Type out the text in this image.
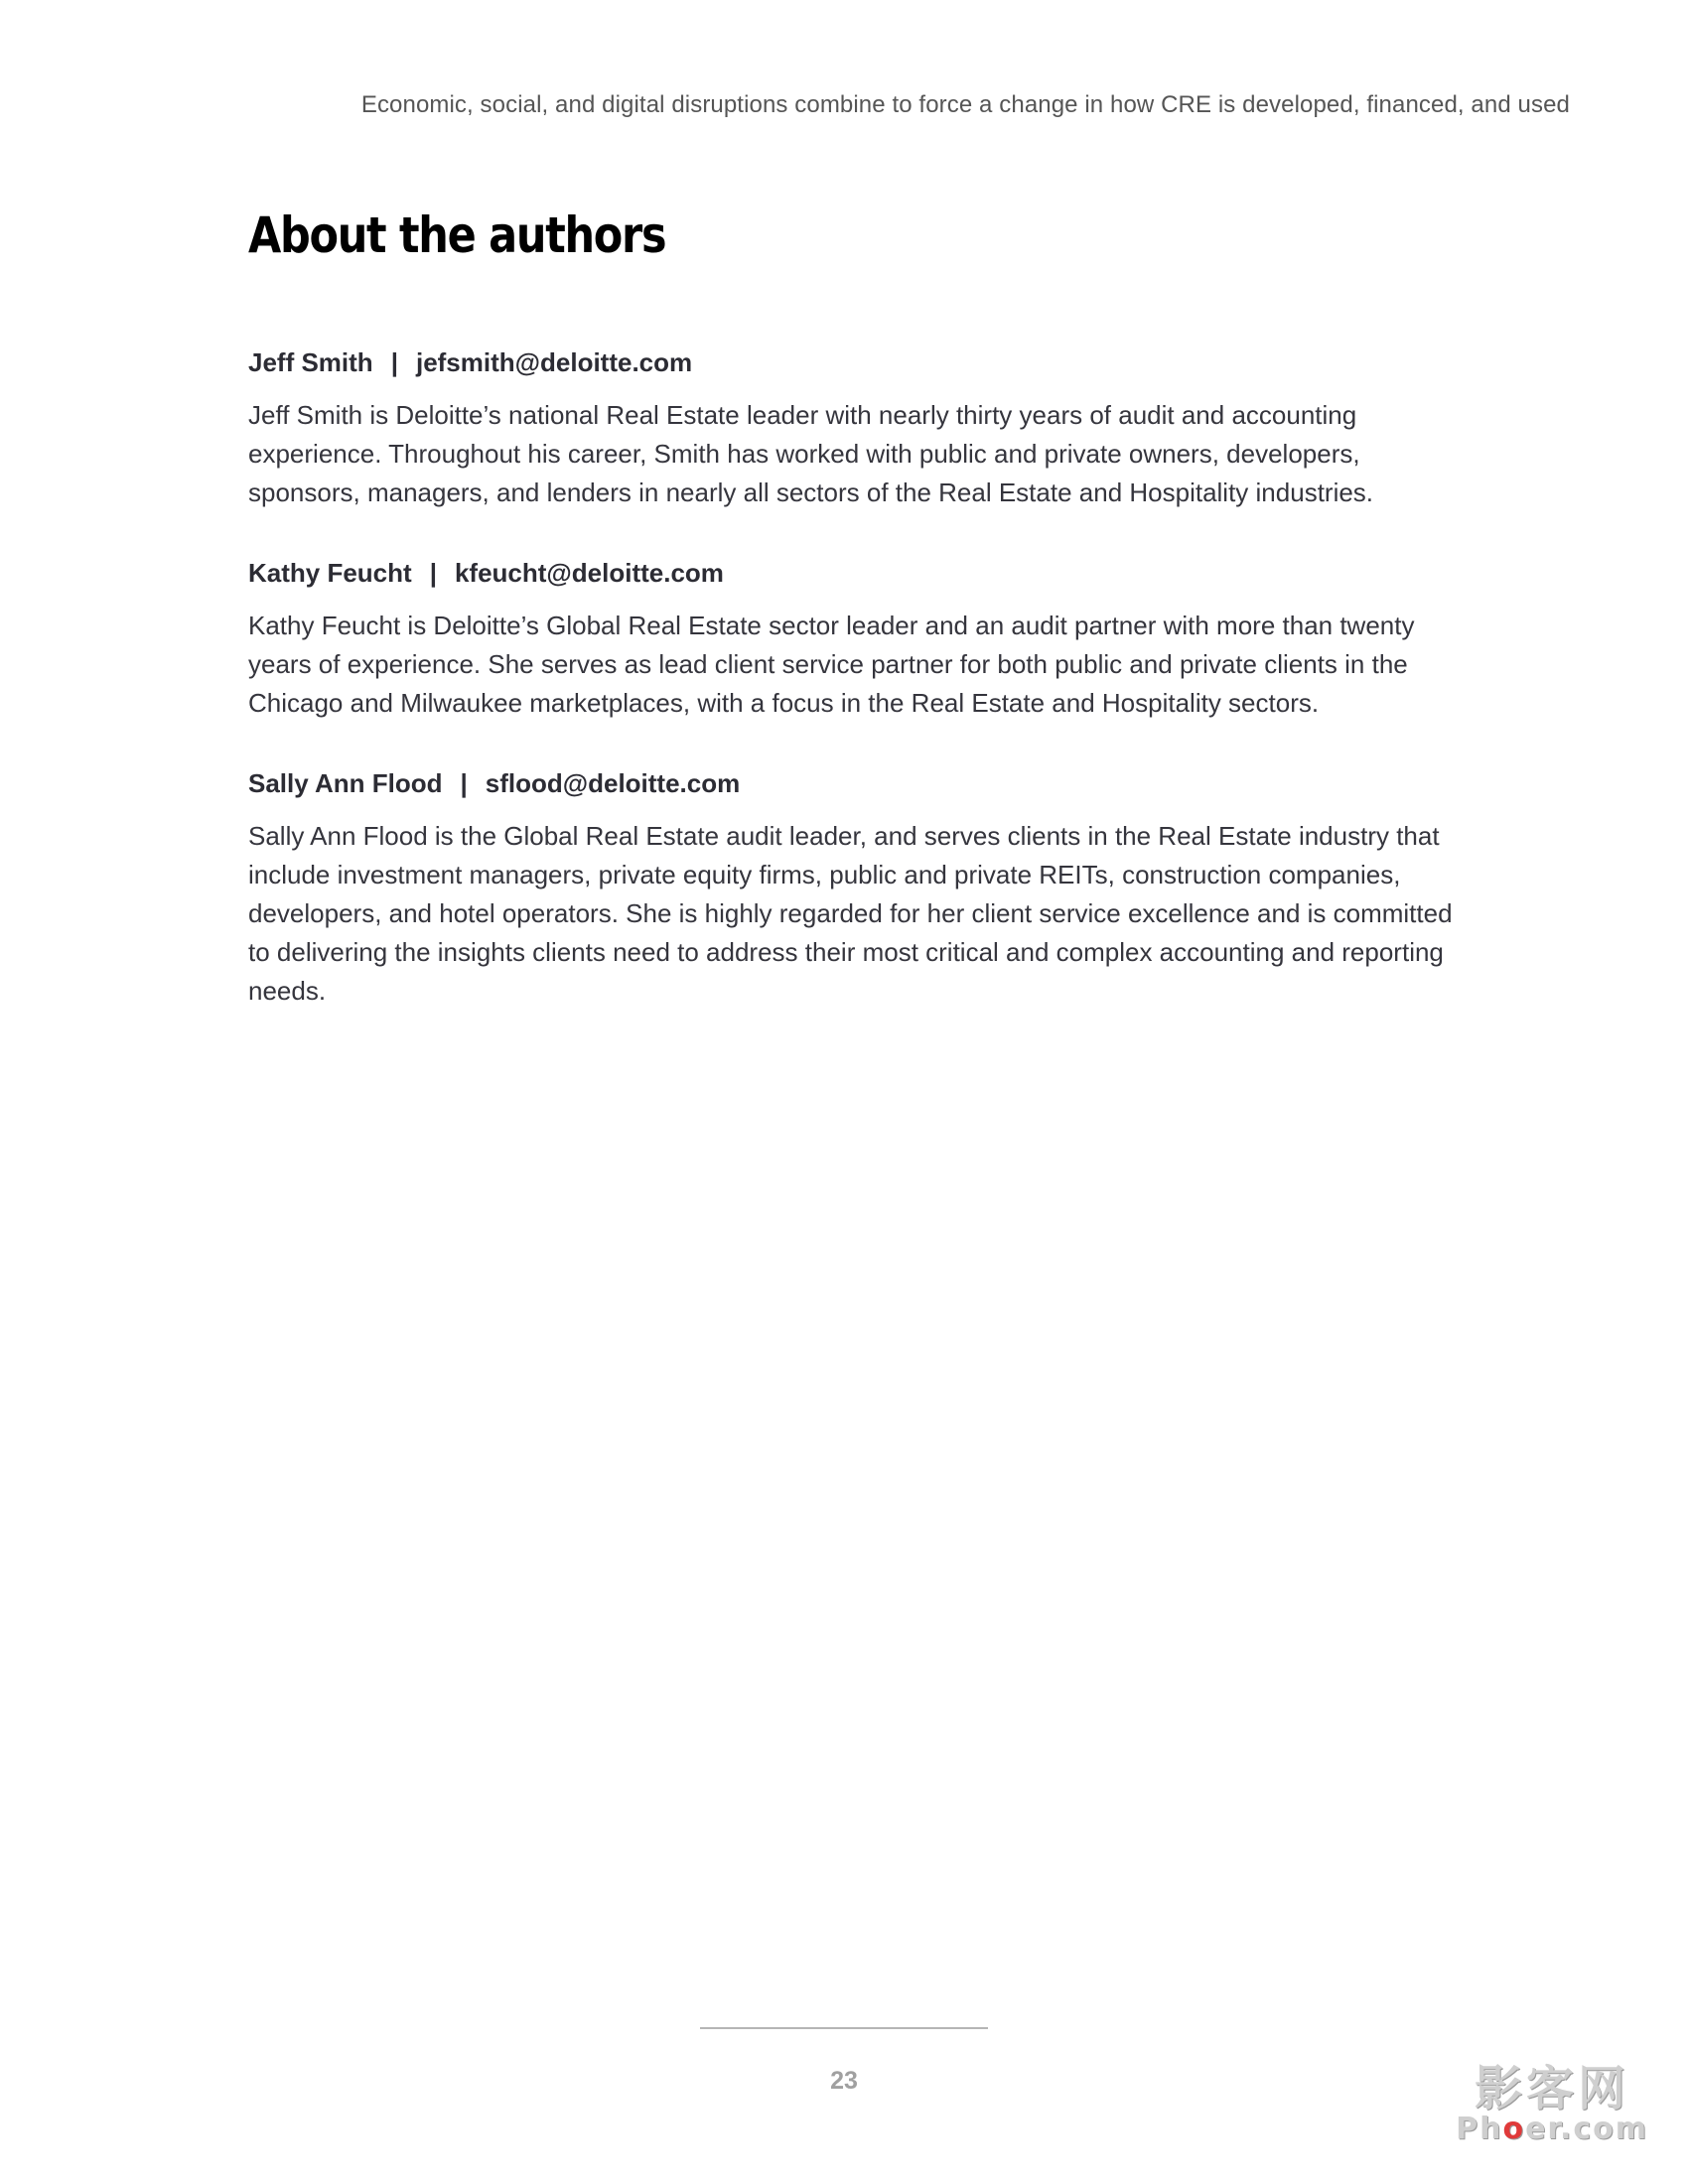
Economic, social, and digital disruptions combine to force a change in how CRE is developed, financed, and used
About the authors
Jeff Smith | jefsmith@deloitte.com

Jeff Smith is Deloitte’s national Real Estate leader with nearly thirty years of audit and accounting experience. Throughout his career, Smith has worked with public and private owners, developers, sponsors, managers, and lenders in nearly all sectors of the Real Estate and Hospitality industries.

Kathy Feucht | kfeucht@deloitte.com

Kathy Feucht is Deloitte’s Global Real Estate sector leader and an audit partner with more than twenty years of experience. She serves as lead client service partner for both public and private clients in the Chicago and Milwaukee marketplaces, with a focus in the Real Estate and Hospitality sectors.

Sally Ann Flood | sflood@deloitte.com

Sally Ann Flood is the Global Real Estate audit leader, and serves clients in the Real Estate industry that include investment managers, private equity firms, public and private REITs, construction companies, developers, and hotel operators. She is highly regarded for her client service excellence and is committed to delivering the insights clients need to address their most critical and complex accounting and reporting needs.

23	影客网
Phoer.com
